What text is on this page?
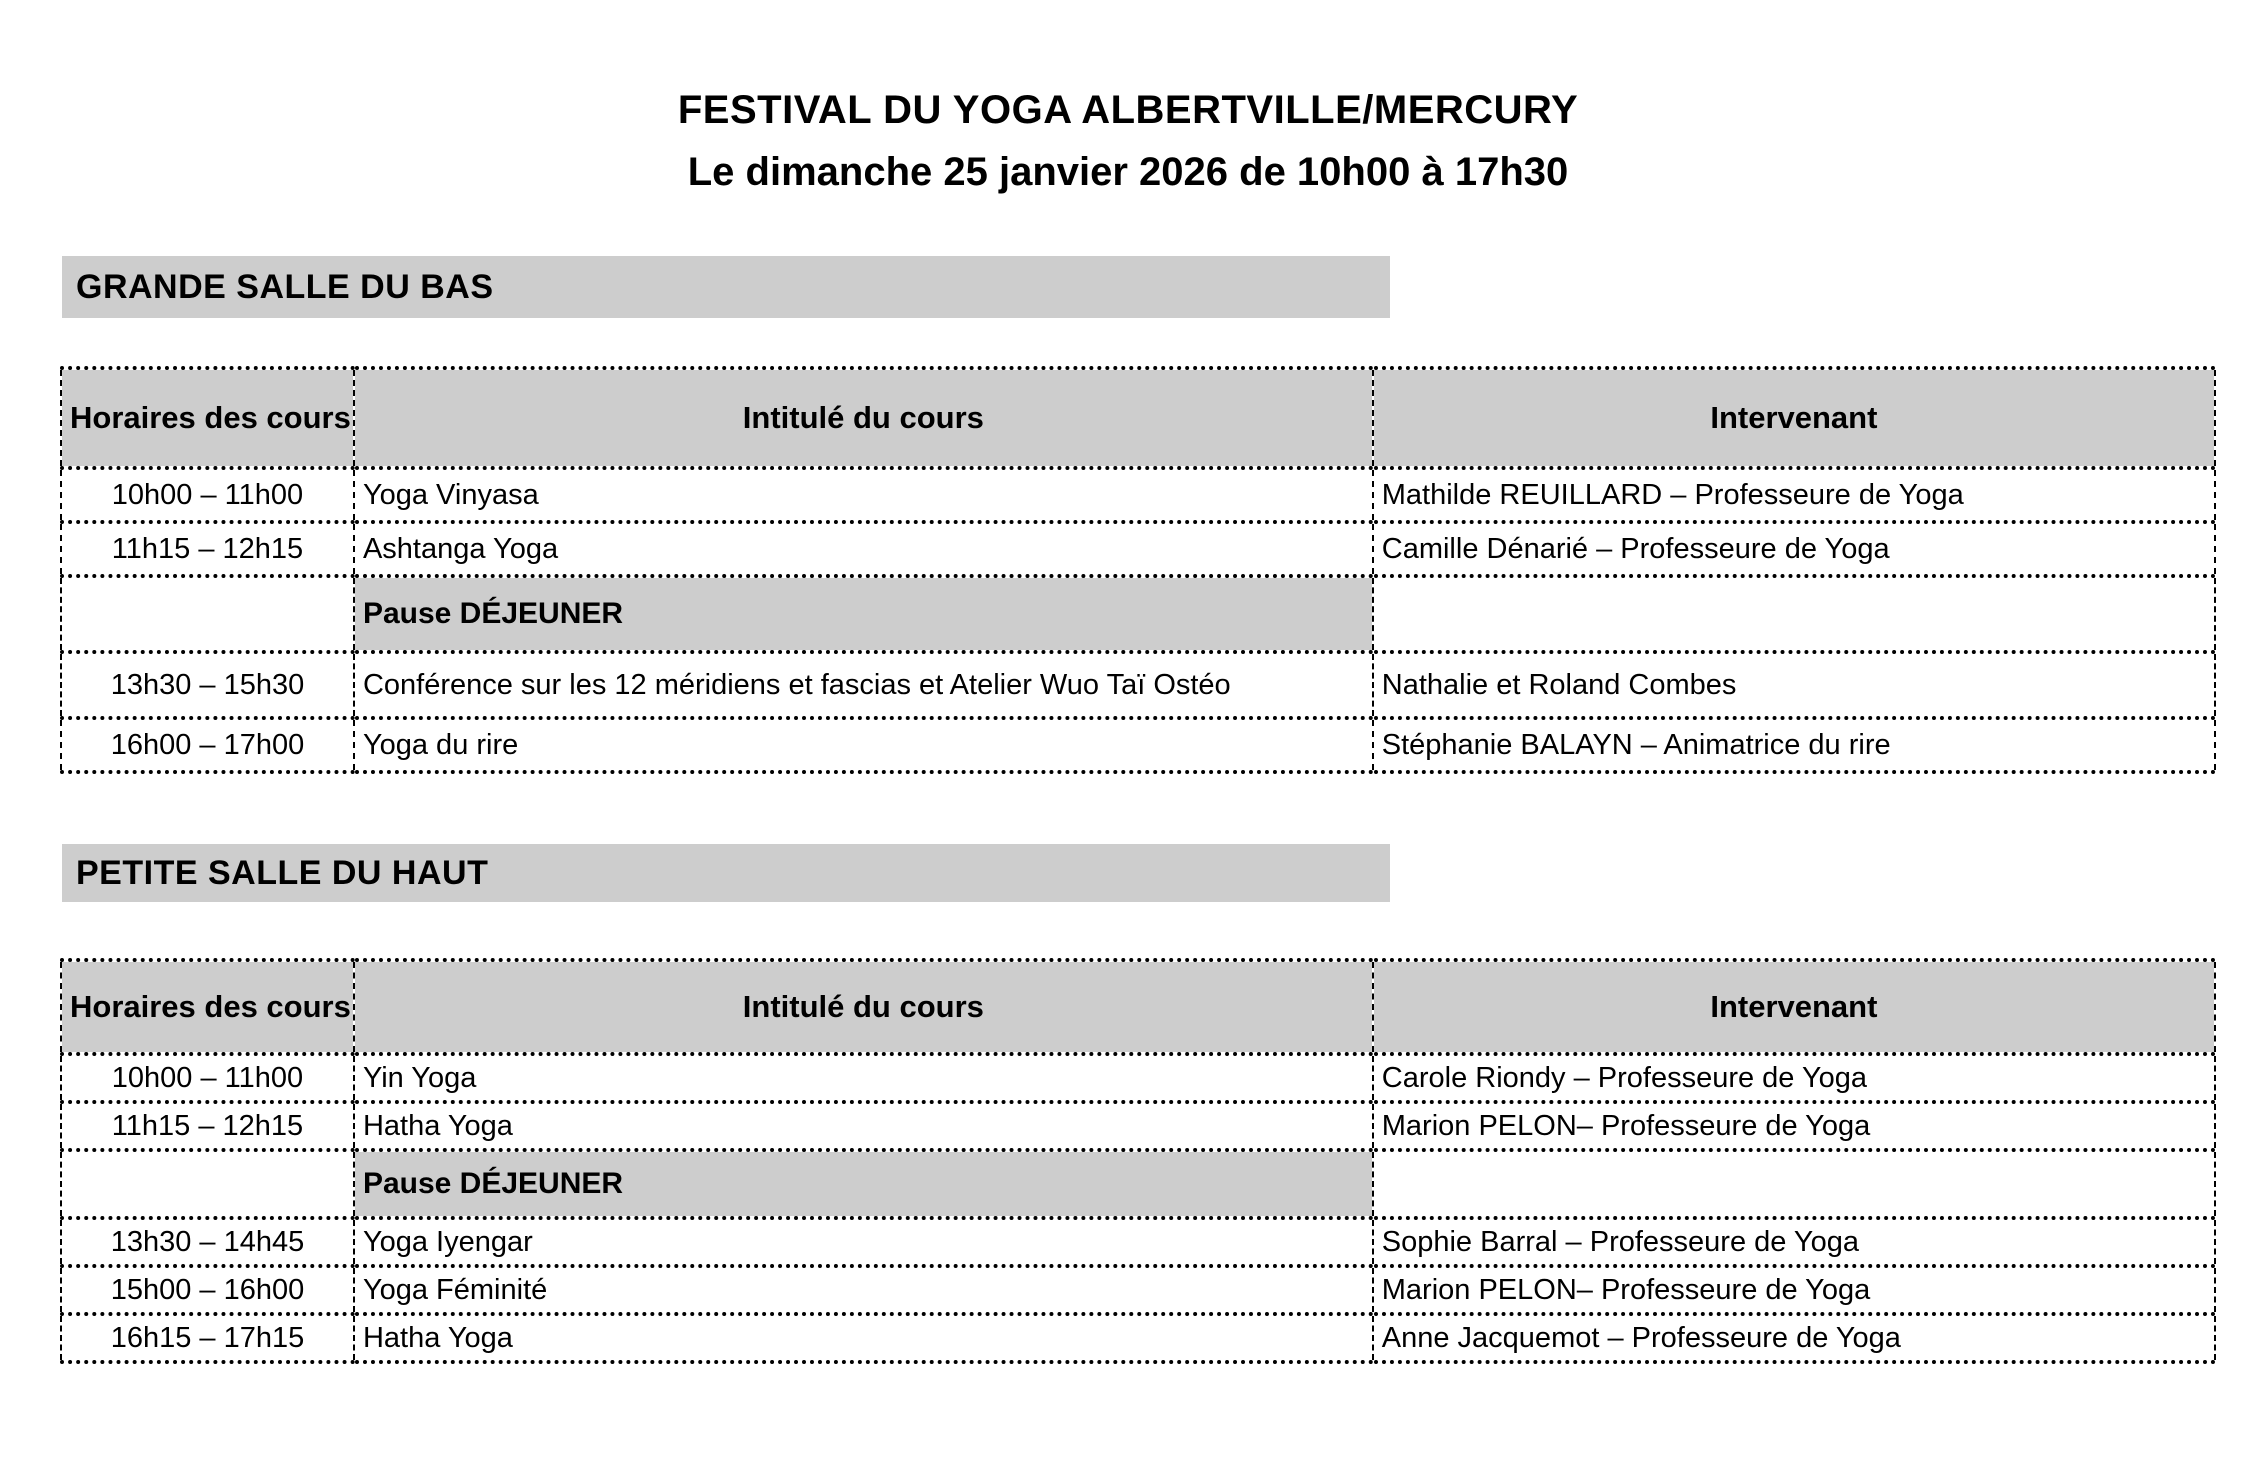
FESTIVAL DU YOGA ALBERTVILLE/MERCURY
Le dimanche 25 janvier 2026 de 10h00 à 17h30
GRANDE SALLE DU BAS
Horaires des cours	Intitulé du cours	Intervenant
10h00 – 11h00	Yoga Vinyasa	Mathilde REUILLARD – Professeure de Yoga
11h15 – 12h15	Ashtanga Yoga	Camille Dénarié – Professeure de Yoga
	Pause DÉJEUNER	
13h30 – 15h30	Conférence sur les 12 méridiens et fascias et Atelier Wuo Taï Ostéo	Nathalie et Roland Combes
16h00 – 17h00	Yoga du rire	Stéphanie BALAYN – Animatrice du rire
PETITE SALLE DU HAUT
Horaires des cours	Intitulé du cours	Intervenant
10h00 – 11h00	Yin Yoga	Carole Riondy – Professeure de Yoga
11h15 – 12h15	Hatha Yoga	Marion PELON– Professeure de Yoga
	Pause DÉJEUNER	
13h30 – 14h45	Yoga Iyengar	Sophie Barral – Professeure de Yoga
15h00 – 16h00	Yoga Féminité	Marion PELON– Professeure de Yoga
16h15 – 17h15	Hatha Yoga	Anne Jacquemot – Professeure de Yoga
